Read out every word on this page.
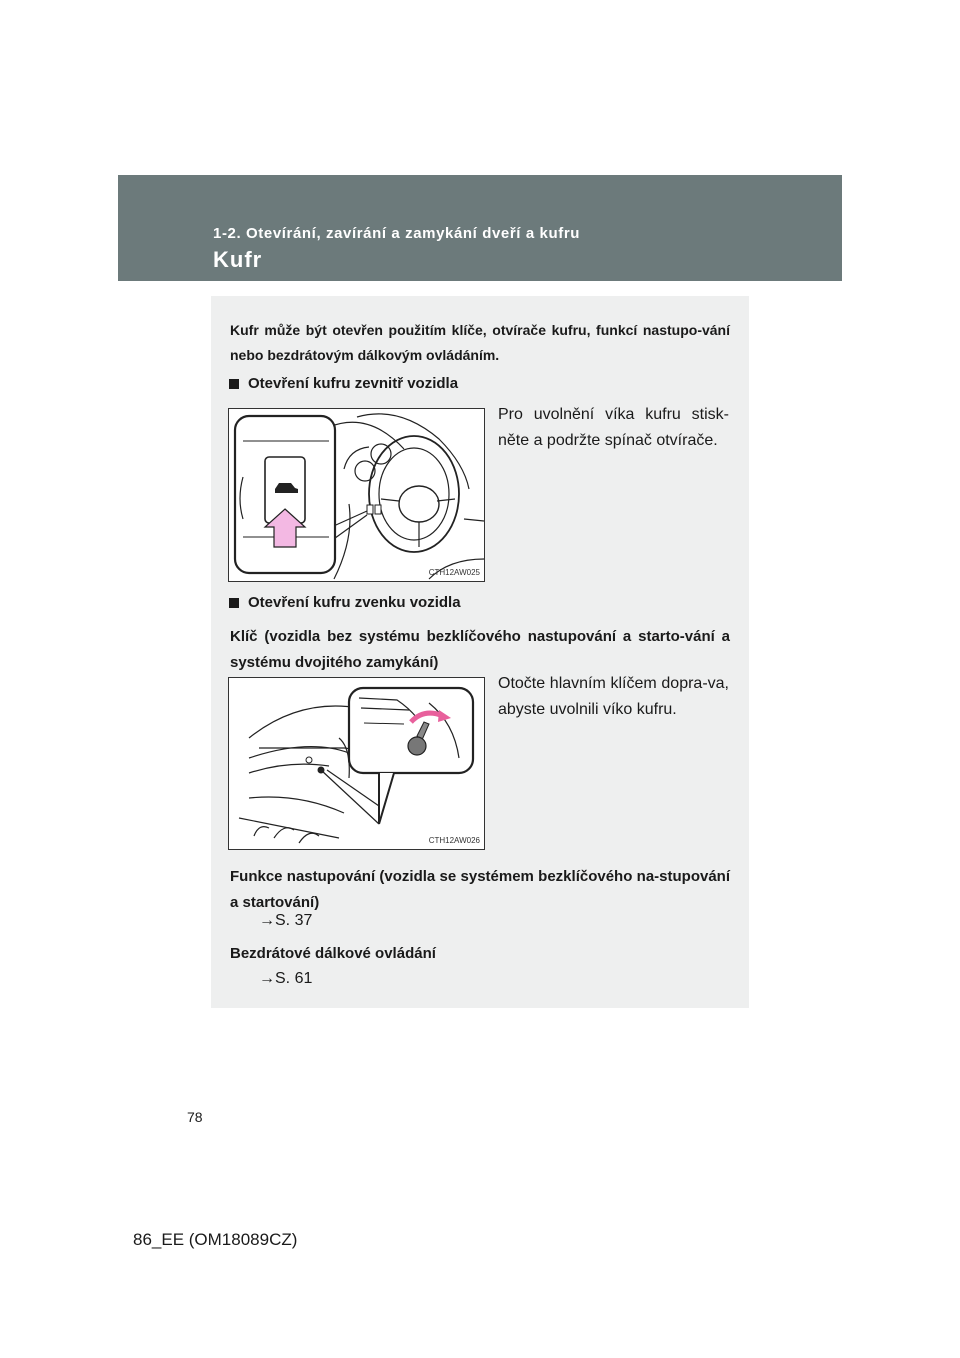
1-2. Otevírání, zavírání a zamykání dveří a kufru
Kufr
Kufr může být otevřen použitím klíče, otvírače kufru, funkcí nastupo-vání nebo bezdrátovým dálkovým ovládáním.
Otevření kufru zevnitř vozidla
CTH12AW025
Pro uvolnění víka kufru stisk-něte a podržte spínač otvírače.
Otevření kufru zvenku vozidla
Klíč (vozidla bez systému bezklíčového nastupování a starto-vání a systému dvojitého zamykání)
CTH12AW026
Otočte hlavním klíčem dopra-va, abyste uvolnili víko kufru.
Funkce nastupování (vozidla se systémem bezklíčového na-stupování a startování)
→S. 37
Bezdrátové dálkové ovládání
→S. 61
78
86_EE (OM18089CZ)
